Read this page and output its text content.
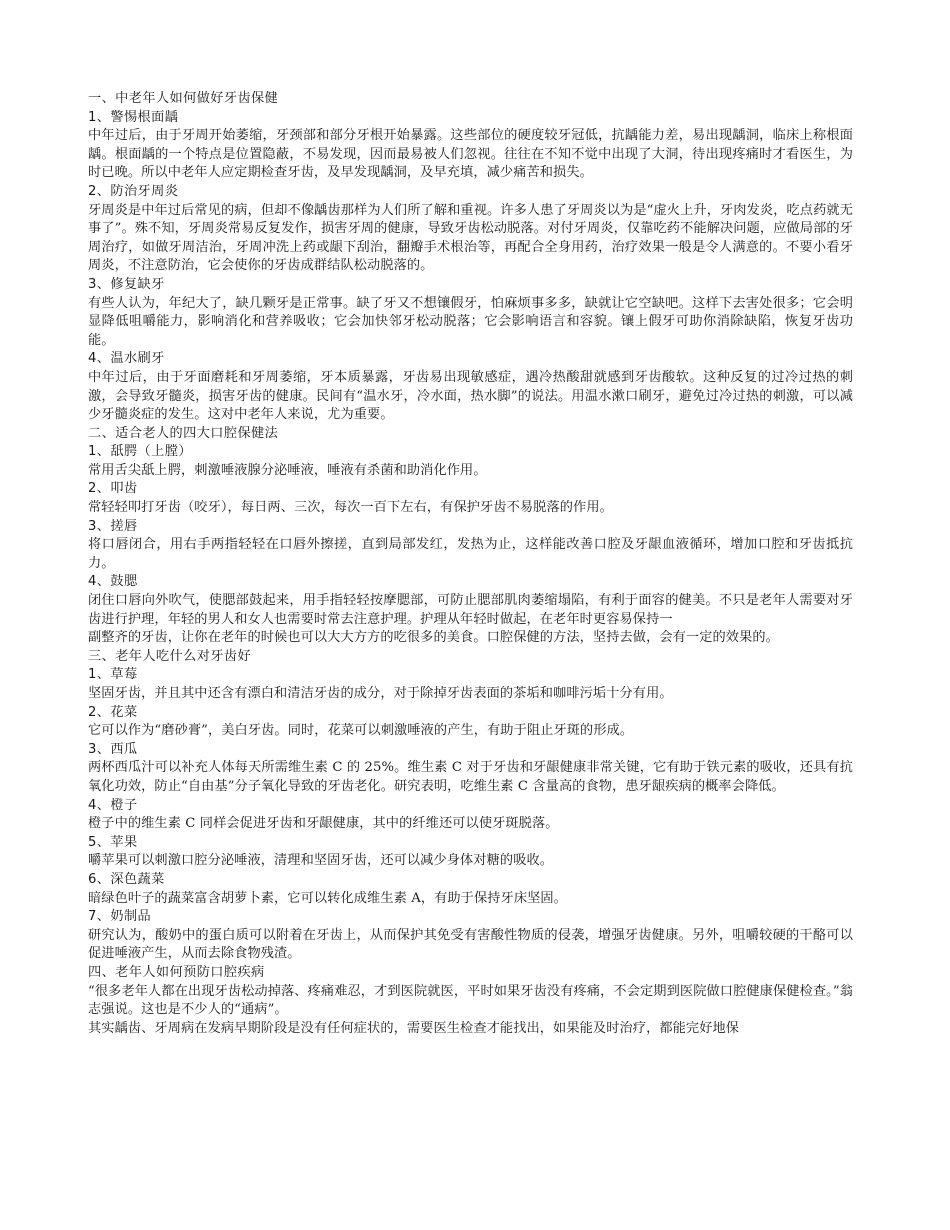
一、中老年人如何做好牙齿保健

1、警惕根面龋

中年过后，由于牙周开始萎缩，牙颈部和部分牙根开始暴露。这些部位的硬度较牙冠低，抗龋能力差，易出现龋洞，临床上称根面龋。根面龋的一个特点是位置隐蔽，不易发现，因而最易被人们忽视。往往在不知不觉中出现了大洞，待出现疼痛时才看医生，为时已晚。所以中老年人应定期检查牙齿，及早发现龋洞，及早充填，减少痛苦和损失。

2、防治牙周炎

牙周炎是中年过后常见的病，但却不像龋齿那样为人们所了解和重视。许多人患了牙周炎以为是“虚火上升，牙肉发炎，吃点药就无事了”。殊不知，牙周炎常易反复发作，损害牙周的健康，导致牙齿松动脱落。对付牙周炎，仅靠吃药不能解决问题，应做局部的牙周治疗，如做牙周洁治，牙周冲洗上药或龈下刮治，翻瓣手术根治等，再配合全身用药，治疗效果一般是令人满意的。不要小看牙周炎，不注意防治，它会使你的牙齿成群结队松动脱落的。

3、修复缺牙

有些人认为，年纪大了，缺几颗牙是正常事。缺了牙又不想镶假牙，怕麻烦事多多，缺就让它空缺吧。这样下去害处很多；它会明显降低咀嚼能力，影响消化和营养吸收；它会加快邻牙松动脱落；它会影响语言和容貌。镶上假牙可助你消除缺陷，恢复牙齿功能。

4、温水刷牙

中年过后，由于牙面磨耗和牙周萎缩，牙本质暴露，牙齿易出现敏感症，遇冷热酸甜就感到牙齿酸软。这种反复的过冷过热的刺激，会导致牙髓炎，损害牙齿的健康。民间有“温水牙，冷水面，热水脚”的说法。用温水漱口刷牙，避免过冷过热的刺激，可以减少牙髓炎症的发生。这对中老年人来说，尤为重要。

二、适合老人的四大口腔保健法

1、舐腭（上膛）

常用舌尖舐上腭，刺激唾液腺分泌唾液，唾液有杀菌和助消化作用。

2、叩齿

常轻轻叩打牙齿（咬牙），每日两、三次，每次一百下左右，有保护牙齿不易脱落的作用。

3、搓唇

将口唇闭合，用右手两指轻轻在口唇外擦搓，直到局部发红，发热为止，这样能改善口腔及牙龈血液循环，增加口腔和牙齿抵抗力。

4、鼓腮

闭住口唇向外吹气，使腮部鼓起来，用手指轻轻按摩腮部，可防止腮部肌肉萎缩塌陷，有利于面容的健美。不只是老年人需要对牙齿进行护理，年轻的男人和女人也需要时常去注意护理。护理从年轻时做起，在老年时更容易保持一

副整齐的牙齿，让你在老年的时候也可以大大方方的吃很多的美食。口腔保健的方法，坚持去做，会有一定的效果的。

三、老年人吃什么对牙齿好

1、草莓

坚固牙齿，并且其中还含有漂白和清洁牙齿的成分，对于除掉牙齿表面的茶垢和咖啡污垢十分有用。

2、花菜

它可以作为“磨砂膏”，美白牙齿。同时，花菜可以刺激唾液的产生，有助于阻止牙斑的形成。

3、西瓜

两杯西瓜汁可以补充人体每天所需维生素 C 的 25%。维生素 C 对于牙齿和牙龈健康非常关键，它有助于铁元素的吸收，还具有抗氧化功效，防止“自由基”分子氧化导致的牙齿老化。研究表明，吃维生素 C 含量高的食物，患牙龈疾病的概率会降低。

4、橙子

橙子中的维生素 C 同样会促进牙齿和牙龈健康，其中的纤维还可以使牙斑脱落。

5、苹果

嚼苹果可以刺激口腔分泌唾液，清理和坚固牙齿，还可以减少身体对糖的吸收。

6、深色蔬菜

暗绿色叶子的蔬菜富含胡萝卜素，它可以转化成维生素 A，有助于保持牙床坚固。

7、奶制品

研究认为，酸奶中的蛋白质可以附着在牙齿上，从而保护其免受有害酸性物质的侵袭，增强牙齿健康。另外，咀嚼较硬的干酪可以促进唾液产生，从而去除食物残渣。

四、老年人如何预防口腔疾病

“很多老年人都在出现牙齿松动掉落、疼痛难忍，才到医院就医，平时如果牙齿没有疼痛，不会定期到医院做口腔健康保健检查。”翁志强说。这也是不少人的“通病”。

其实龋齿、牙周病在发病早期阶段是没有任何症状的，需要医生检查才能找出，如果能及时治疗，都能完好地保
